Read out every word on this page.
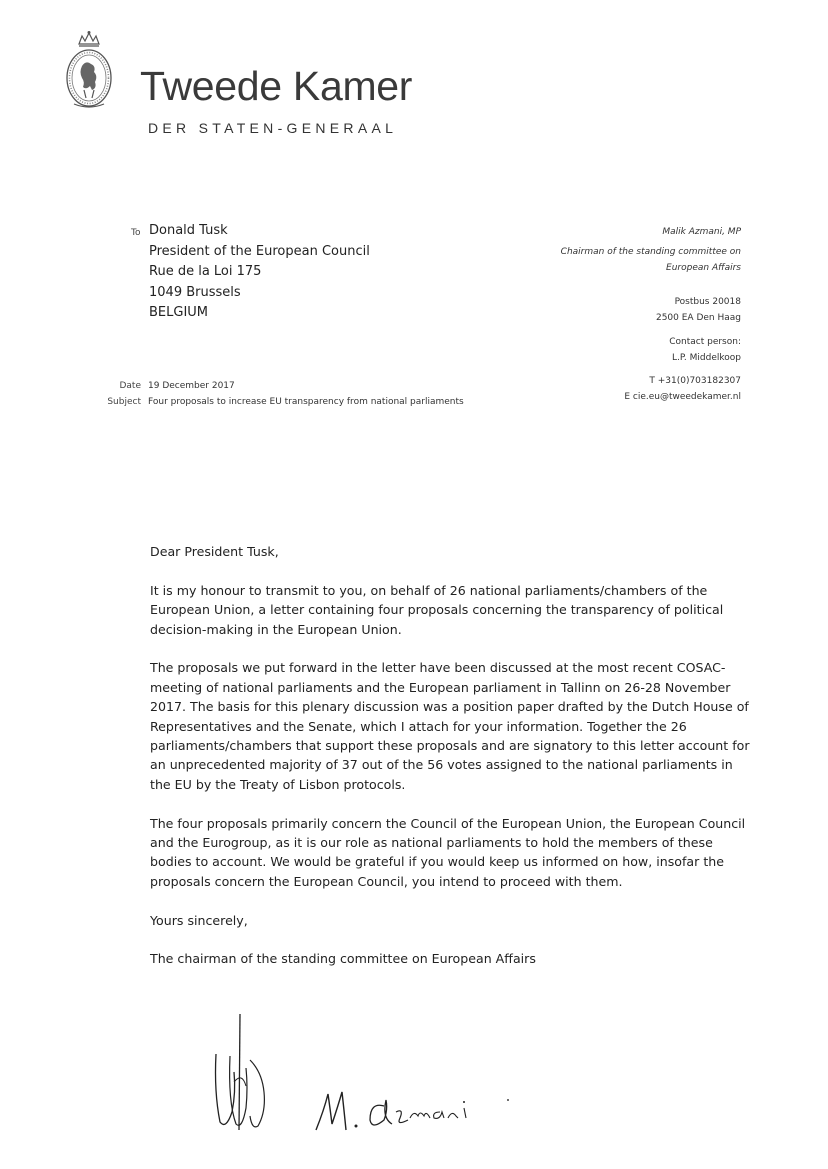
Tweede Kamer
DER STATEN-GENERAAL
To Donald Tusk
President of the European Council
Rue de la Loi 175
1049 Brussels
BELGIUM
Malik Azmani, MP
Chairman of the standing committee on
European Affairs
Postbus 20018
2500 EA Den Haag
Contact person:
L.P. Middelkoop
T +31(0)703182307
E cie.eu@tweedekamer.nl
Date 19 December 2017
Subject Four proposals to increase EU transparency from national parliaments

Dear President Tusk,

It is my honour to transmit to you, on behalf of 26 national parliaments/chambers of the European Union, a letter containing four proposals concerning the transparency of political decision-making in the European Union.

The proposals we put forward in the letter have been discussed at the most recent COSAC-meeting of national parliaments and the European parliament in Tallinn on 26-28 November 2017. The basis for this plenary discussion was a position paper drafted by the Dutch House of Representatives and the Senate, which I attach for your information. Together the 26 parliaments/chambers that support these proposals and are signatory to this letter account for an unprecedented majority of 37 out of the 56 votes assigned to the national parliaments in the EU by the Treaty of Lisbon protocols.

The four proposals primarily concern the Council of the European Union, the European Council and the Eurogroup, as it is our role as national parliaments to hold the members of these bodies to account. We would be grateful if you would keep us informed on how, insofar the proposals concern the European Council, you intend to proceed with them.

Yours sincerely,

The chairman of the standing committee on European Affairs
